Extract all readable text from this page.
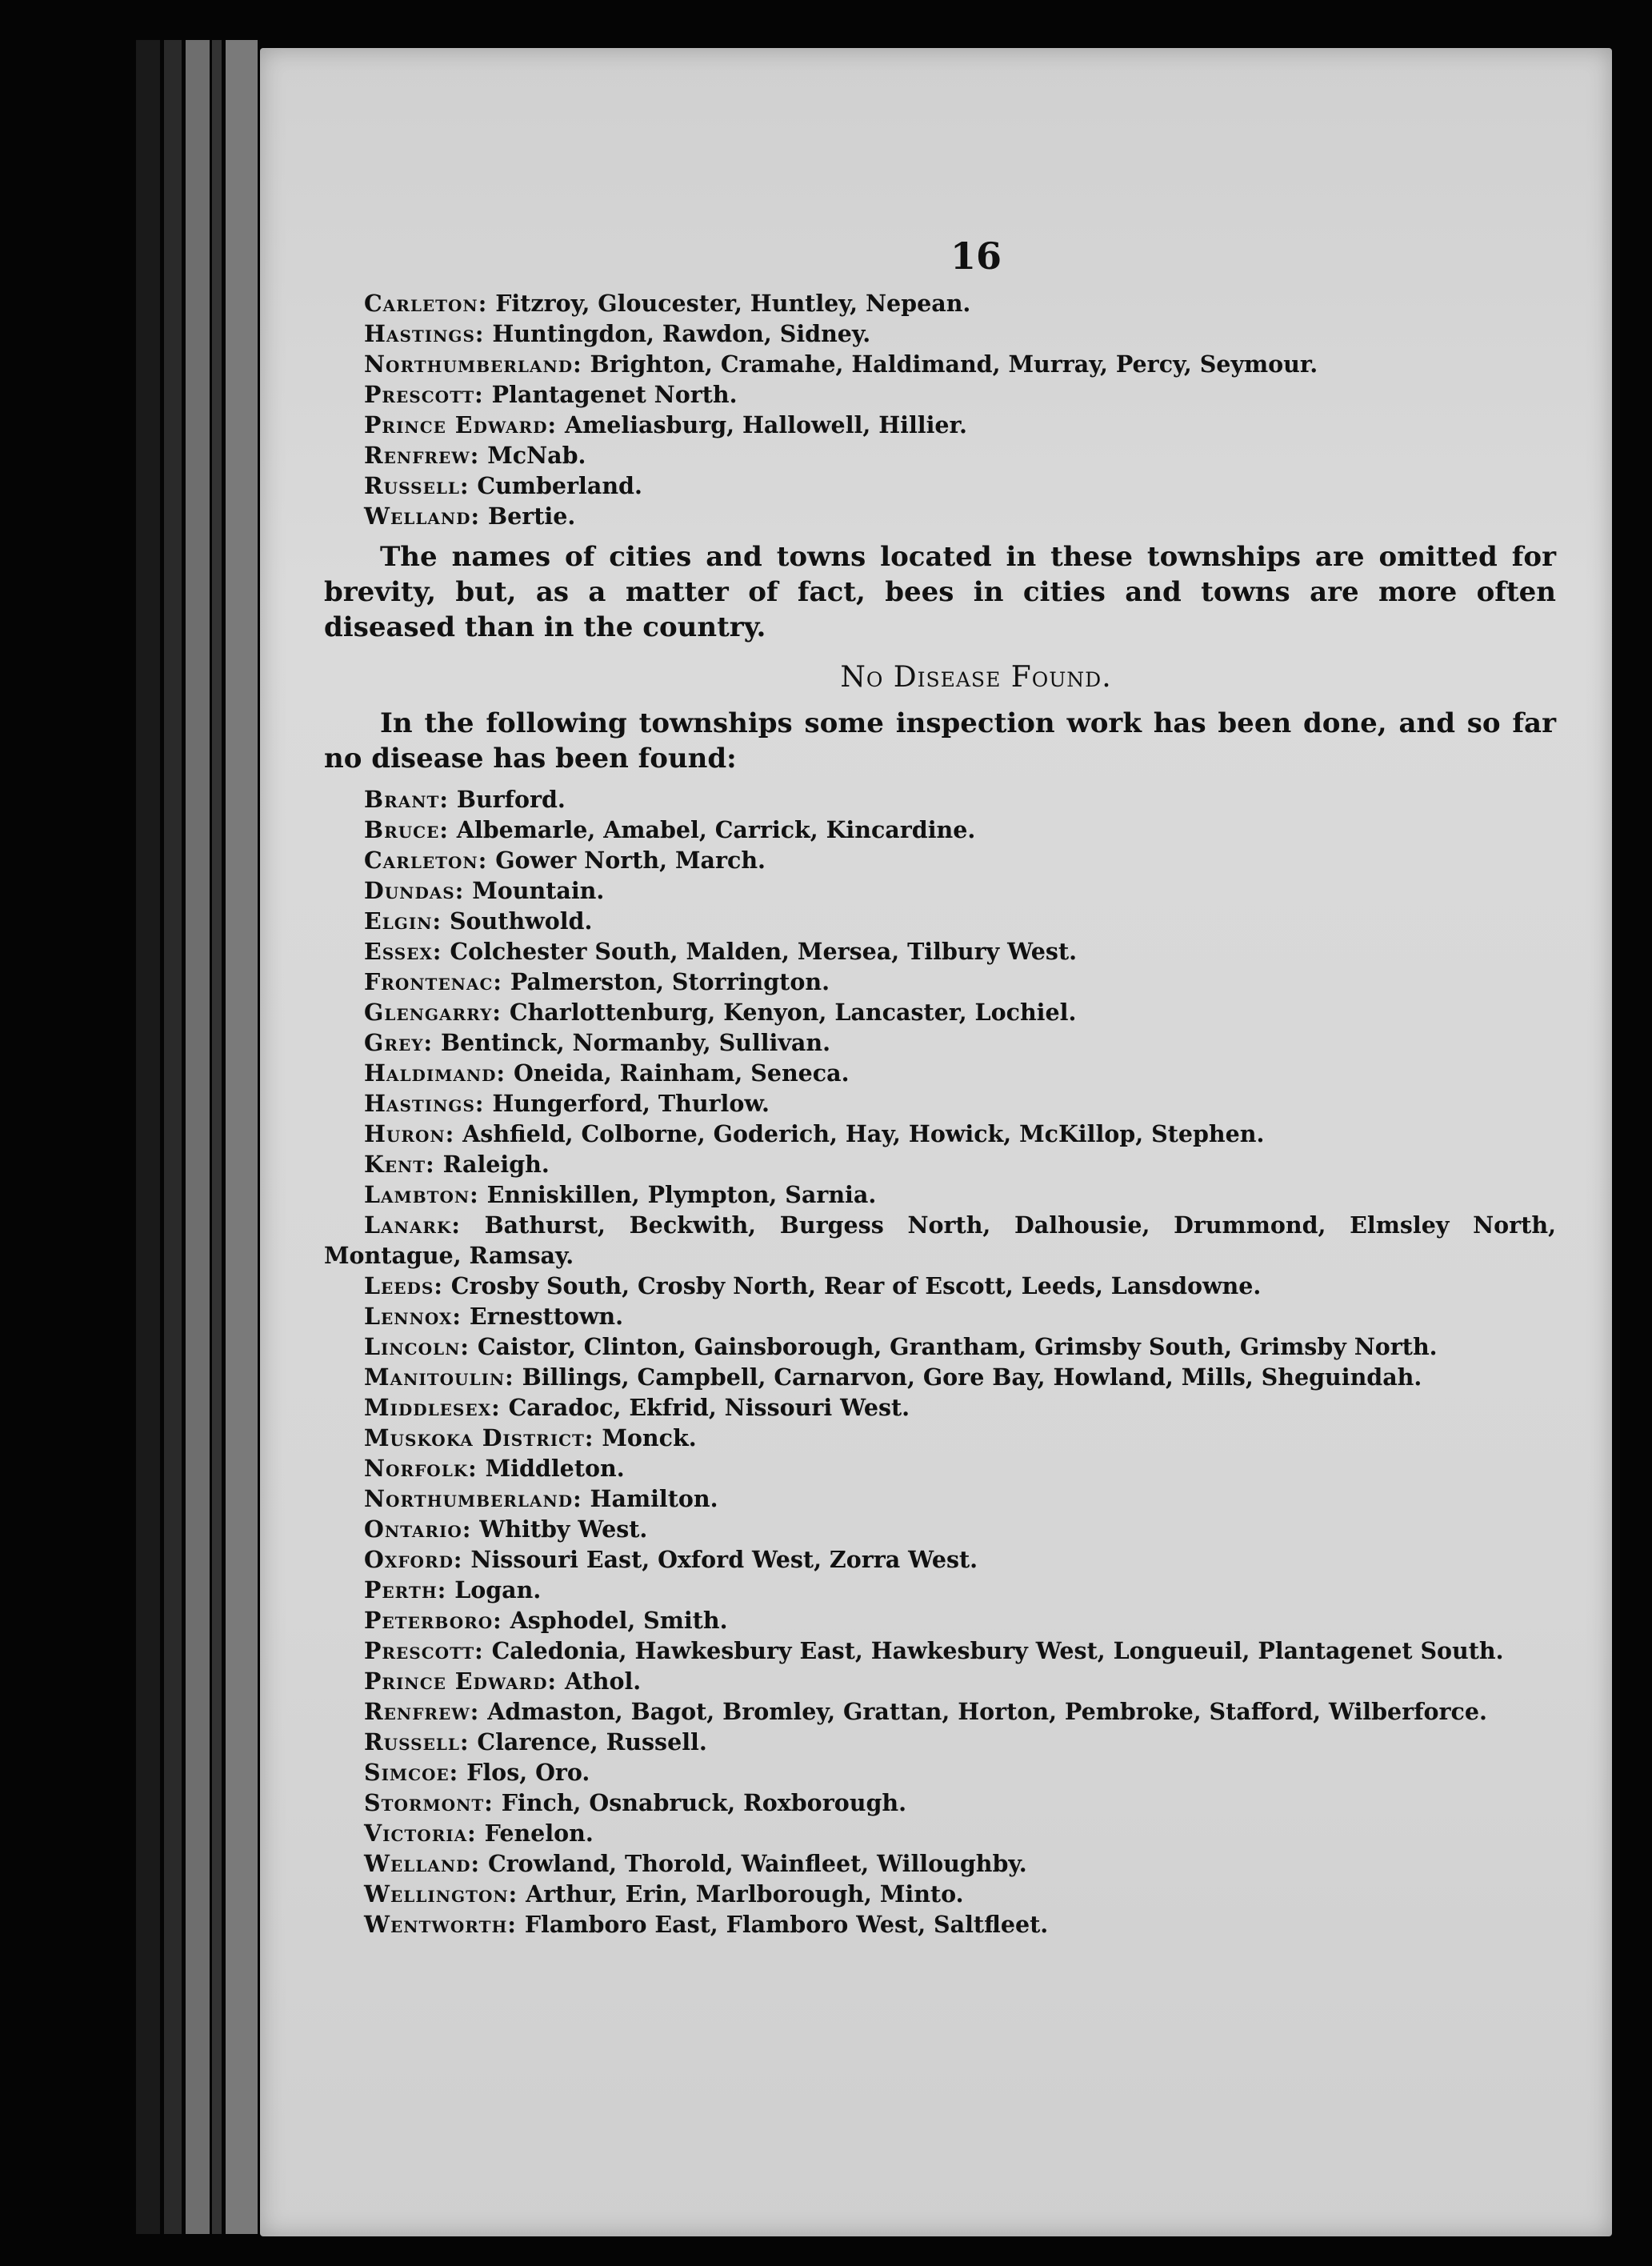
16
Carleton: Fitzroy, Gloucester, Huntley, Nepean.
Hastings: Huntingdon, Rawdon, Sidney.
Northumberland: Brighton, Cramahe, Haldimand, Murray, Percy, Seymour.
Prescott: Plantagenet North.
Prince Edward: Ameliasburg, Hallowell, Hillier.
Renfrew: McNab.
Russell: Cumberland.
Welland: Bertie.

The names of cities and towns located in these townships are omitted for brevity, but, as a matter of fact, bees in cities and towns are more often diseased than in the country.

No Disease Found.

In the following townships some inspection work has been done, and so far no disease has been found:

Brant: Burford.
Bruce: Albemarle, Amabel, Carrick, Kincardine.
Carleton: Gower North, March.
Dundas: Mountain.
Elgin: Southwold.
Essex: Colchester South, Malden, Mersea, Tilbury West.
Frontenac: Palmerston, Storrington.
Glengarry: Charlottenburg, Kenyon, Lancaster, Lochiel.
Grey: Bentinck, Normanby, Sullivan.
Haldimand: Oneida, Rainham, Seneca.
Hastings: Hungerford, Thurlow.
Huron: Ashfield, Colborne, Goderich, Hay, Howick, McKillop, Stephen.
Kent: Raleigh.
Lambton: Enniskillen, Plympton, Sarnia.
Lanark: Bathurst, Beckwith, Burgess North, Dalhousie, Drummond, Elmsley North, Montague, Ramsay.
Leeds: Crosby South, Crosby North, Rear of Escott, Leeds, Lansdowne.
Lennox: Ernesttown.
Lincoln: Caistor, Clinton, Gainsborough, Grantham, Grimsby South, Grimsby North.
Manitoulin: Billings, Campbell, Carnarvon, Gore Bay, Howland, Mills, Sheguindah.
Middlesex: Caradoc, Ekfrid, Nissouri West.
Muskoka District: Monck.
Norfolk: Middleton.
Northumberland: Hamilton.
Ontario: Whitby West.
Oxford: Nissouri East, Oxford West, Zorra West.
Perth: Logan.
Peterboro: Asphodel, Smith.
Prescott: Caledonia, Hawkesbury East, Hawkesbury West, Longueuil, Plantagenet South.
Prince Edward: Athol.
Renfrew: Admaston, Bagot, Bromley, Grattan, Horton, Pembroke, Stafford, Wilberforce.
Russell: Clarence, Russell.
Simcoe: Flos, Oro.
Stormont: Finch, Osnabruck, Roxborough.
Victoria: Fenelon.
Welland: Crowland, Thorold, Wainfleet, Willoughby.
Wellington: Arthur, Erin, Marlborough, Minto.
Wentworth: Flamboro East, Flamboro West, Saltfleet.
